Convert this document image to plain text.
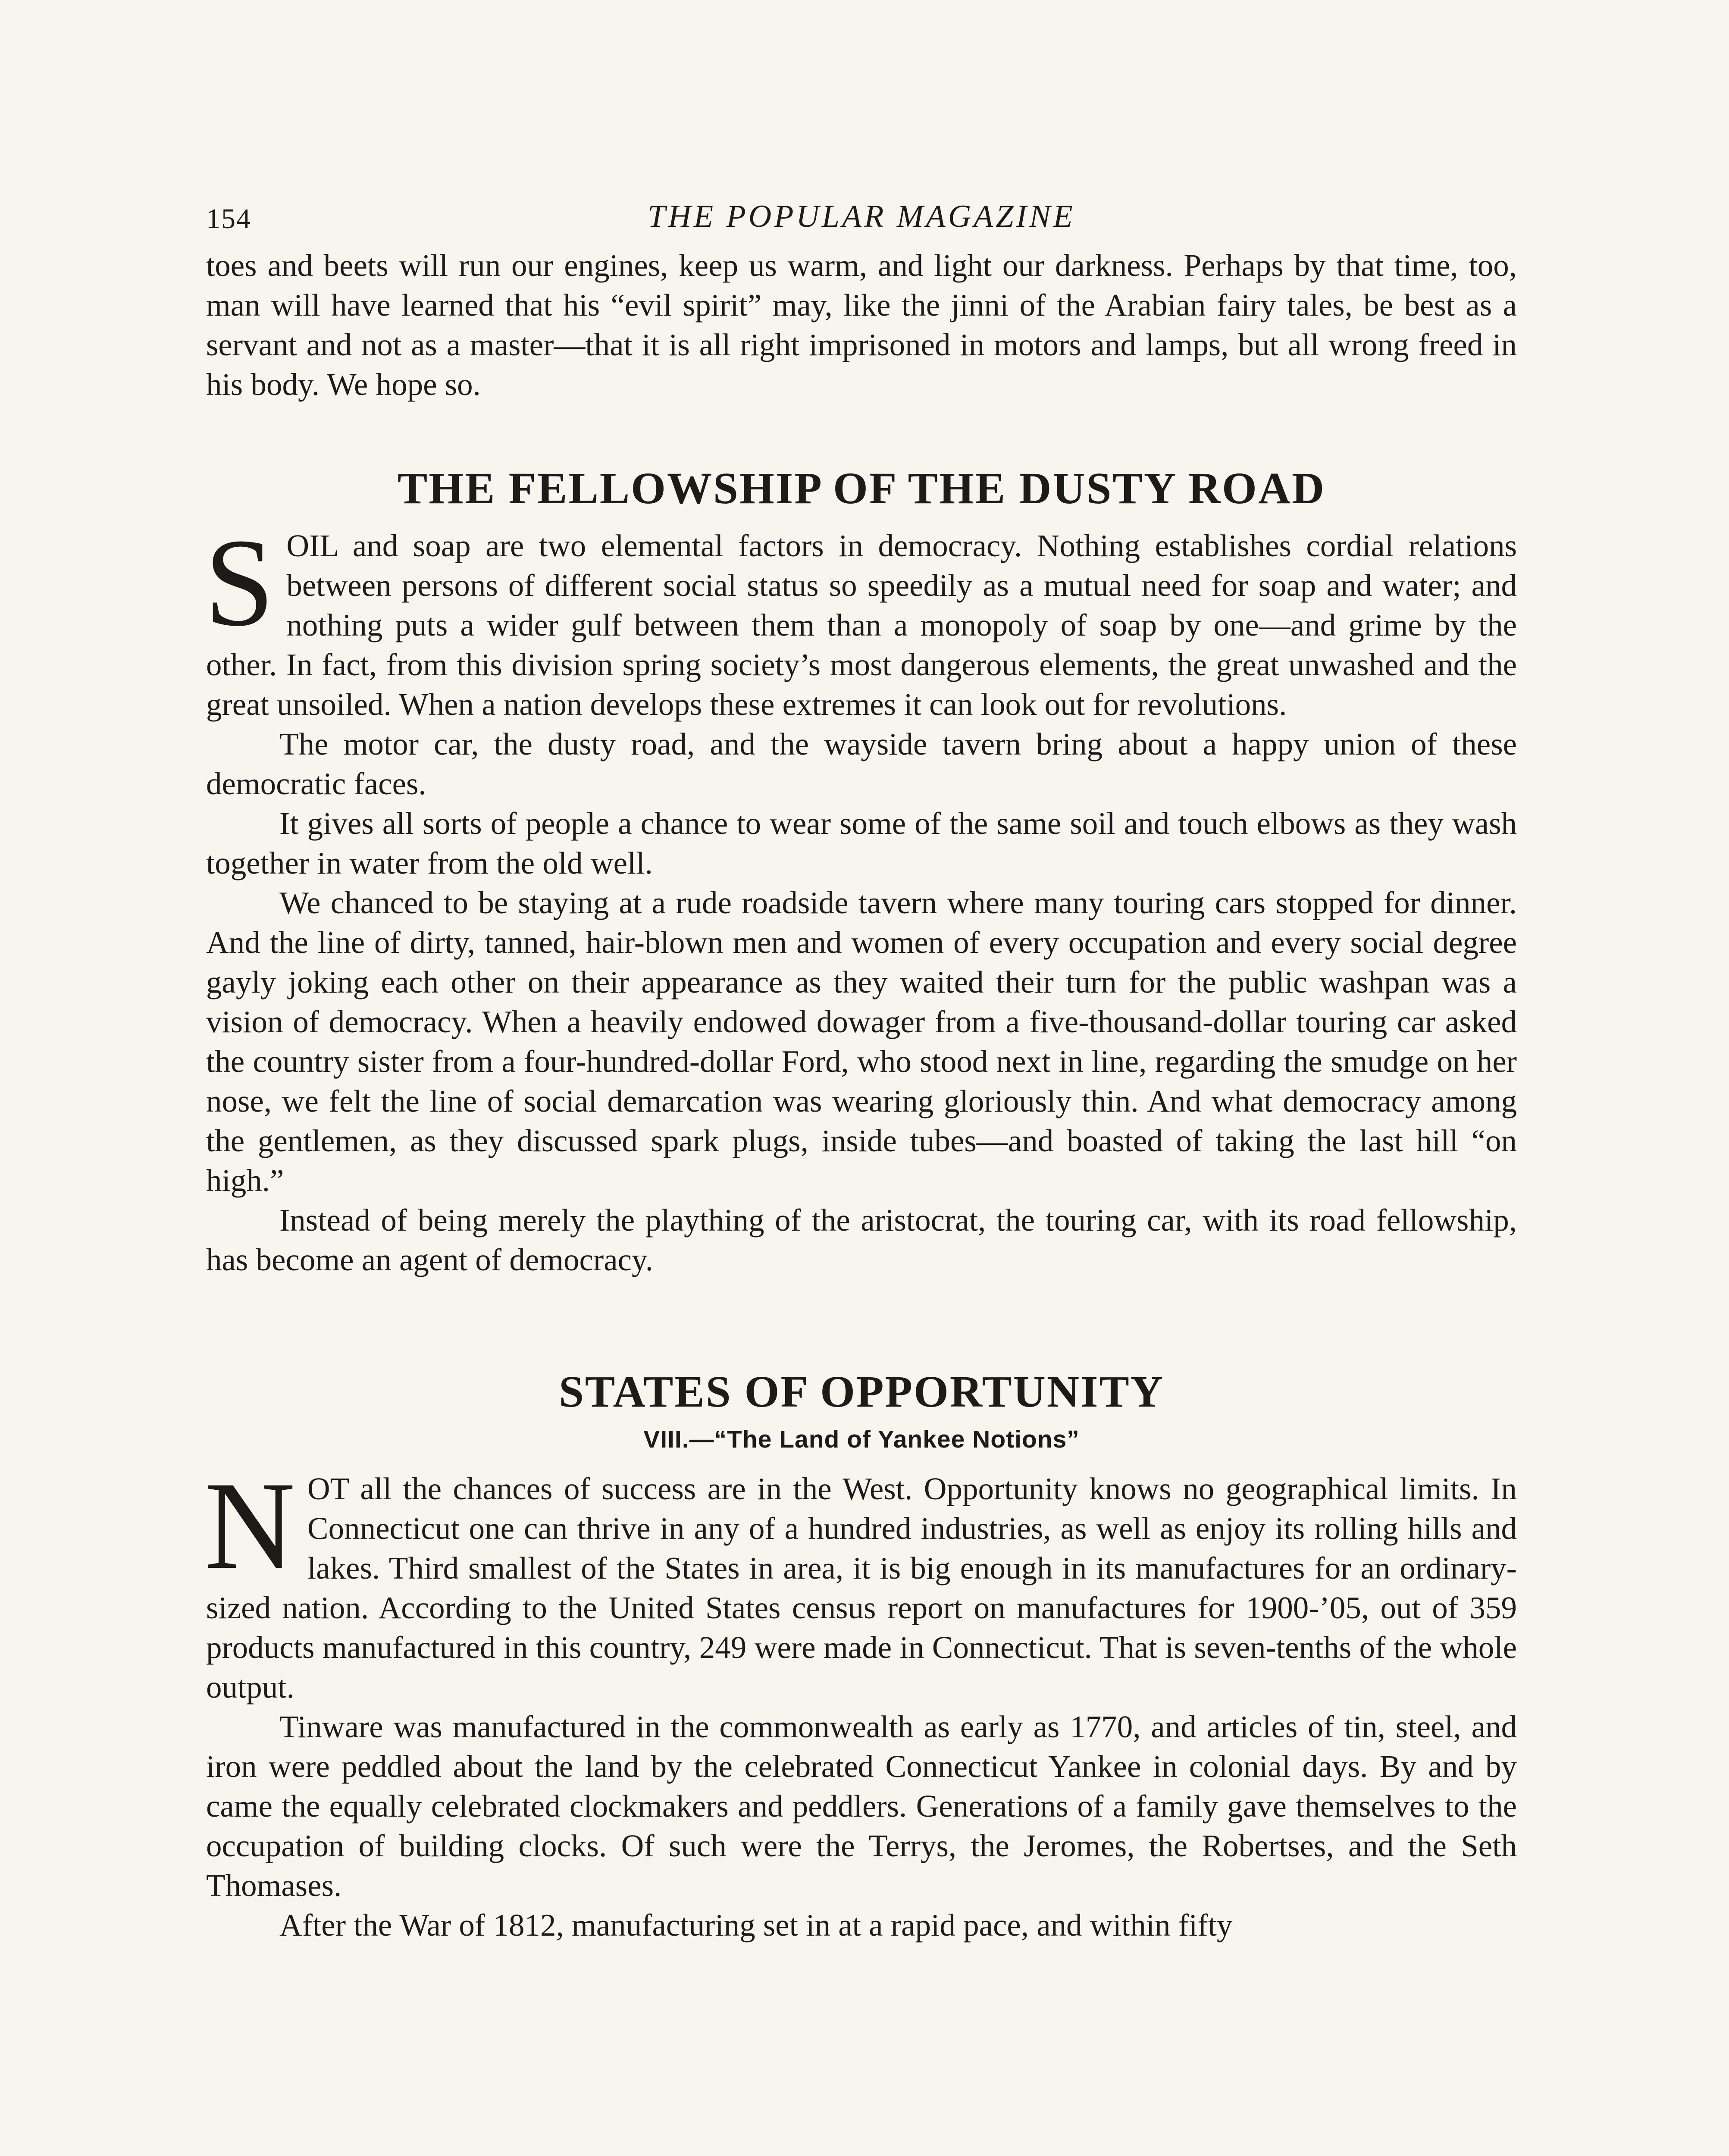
154	THE POPULAR MAGAZINE

toes and beets will run our engines, keep us warm, and light our darkness. Perhaps by that time, too, man will have learned that his “evil spirit” may, like the jinni of the Arabian fairy tales, be best as a servant and not as a master—that it is all right imprisoned in motors and lamps, but all wrong freed in his body. We hope so.

THE FELLOWSHIP OF THE DUSTY ROAD

SOIL and soap are two elemental factors in democracy. Nothing establishes cordial relations between persons of different social status so speedily as a mutual need for soap and water; and nothing puts a wider gulf between them than a monopoly of soap by one—and grime by the other. In fact, from this division spring society’s most dangerous elements, the great unwashed and the great unsoiled. When a nation develops these extremes it can look out for revolutions.

The motor car, the dusty road, and the wayside tavern bring about a happy union of these democratic faces.

It gives all sorts of people a chance to wear some of the same soil and touch elbows as they wash together in water from the old well.

We chanced to be staying at a rude roadside tavern where many touring cars stopped for dinner. And the line of dirty, tanned, hair-blown men and women of every occupation and every social degree gayly joking each other on their appearance as they waited their turn for the public washpan was a vision of democracy. When a heavily endowed dowager from a five-thousand-dollar touring car asked the country sister from a four-hundred-dollar Ford, who stood next in line, regarding the smudge on her nose, we felt the line of social demarcation was wearing gloriously thin. And what democracy among the gentlemen, as they discussed spark plugs, inside tubes—and boasted of taking the last hill “on high.”

Instead of being merely the plaything of the aristocrat, the touring car, with its road fellowship, has become an agent of democracy.

STATES OF OPPORTUNITY
VIII.—“The Land of Yankee Notions”

NOT all the chances of success are in the West. Opportunity knows no geographical limits. In Connecticut one can thrive in any of a hundred industries, as well as enjoy its rolling hills and lakes. Third smallest of the States in area, it is big enough in its manufactures for an ordinary-sized nation. According to the United States census report on manufactures for 1900-’05, out of 359 products manufactured in this country, 249 were made in Connecticut. That is seven-tenths of the whole output.

Tinware was manufactured in the commonwealth as early as 1770, and articles of tin, steel, and iron were peddled about the land by the celebrated Connecticut Yankee in colonial days. By and by came the equally celebrated clockmakers and peddlers. Generations of a family gave themselves to the occupation of building clocks. Of such were the Terrys, the Jeromes, the Robertses, and the Seth Thomases.

After the War of 1812, manufacturing set in at a rapid pace, and within fifty
